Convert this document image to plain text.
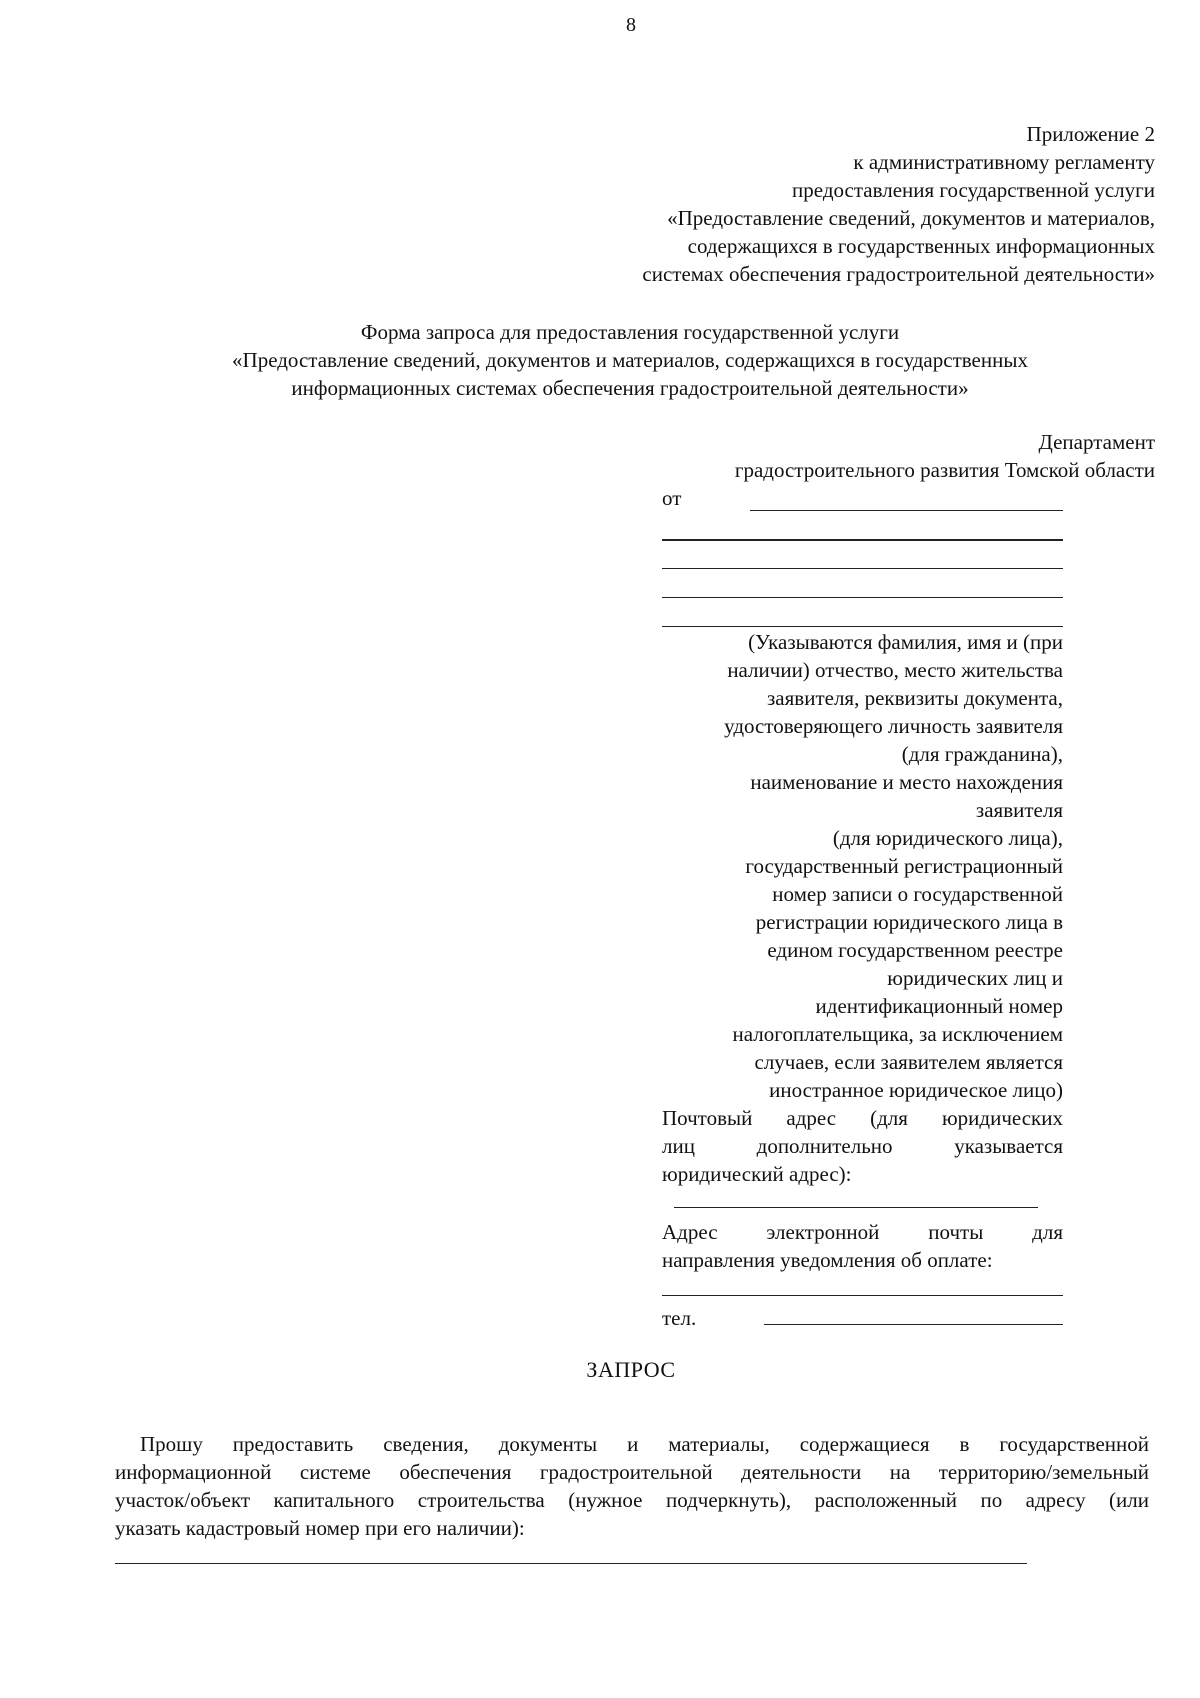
8
Приложение 2
к административному регламенту
предоставления государственной услуги
«Предоставление сведений, документов и материалов,
содержащихся в государственных информационных
системах обеспечения градостроительной деятельности»
Форма запроса для предоставления государственной услуги
«Предоставление сведений, документов и материалов, содержащихся в государственных
информационных системах обеспечения градостроительной деятельности»
Департамент
градостроительного развития Томской области
от
(Указываются фамилия, имя и (при
наличии) отчество, место жительства
заявителя, реквизиты документа,
удостоверяющего личность заявителя
(для гражданина),
наименование и место нахождения
заявителя
(для юридического лица),
государственный регистрационный
номер записи о государственной
регистрации юридического лица в
едином государственном реестре
юридических лиц и
идентификационный номер
налогоплательщика, за исключением
случаев, если заявителем является
иностранное юридическое лицо)
Почтовый адрес (для юридических
лиц дополнительно указывается
юридический адрес):
Адрес электронной почты для
направления уведомления об оплате:
тел.
ЗАПРОС
Прошу предоставить сведения, документы и материалы, содержащиеся в государственной
информационной системе обеспечения градостроительной деятельности на территорию/земельный
участок/объект капитального строительства (нужное подчеркнуть), расположенный по адресу (или
указать кадастровый номер при его наличии):
